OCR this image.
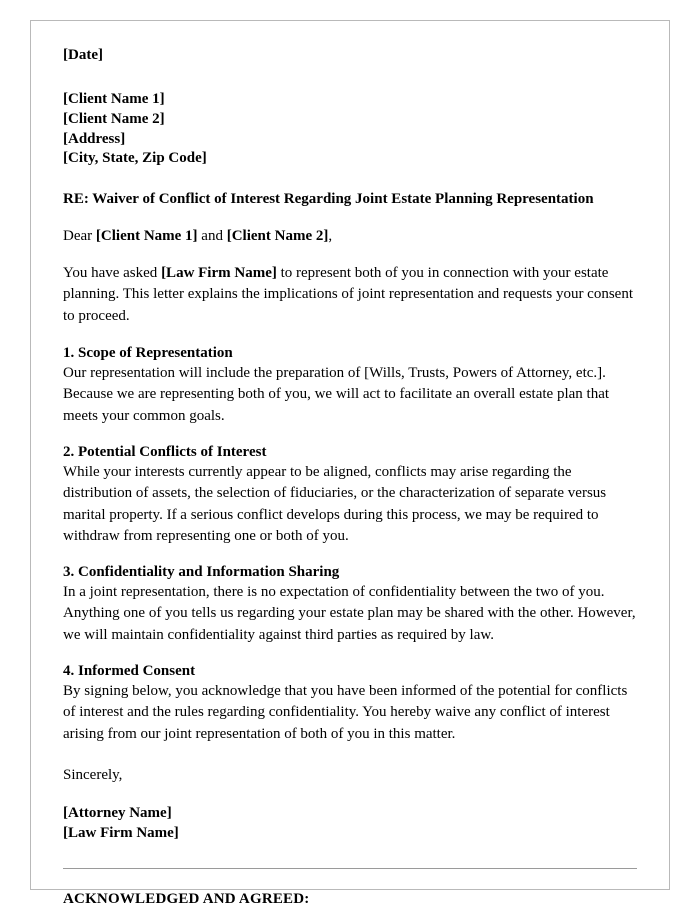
[Date]
[Client Name 1]
[Client Name 2]
[Address]
[City, State, Zip Code]
RE: Waiver of Conflict of Interest Regarding Joint Estate Planning Representation
Dear [Client Name 1] and [Client Name 2],

You have asked [Law Firm Name] to represent both of you in connection with your estate planning. This letter explains the implications of joint representation and requests your consent to proceed.

1. Scope of Representation
Our representation will include the preparation of [Wills, Trusts, Powers of Attorney, etc.]. Because we are representing both of you, we will act to facilitate an overall estate plan that meets your common goals.
2. Potential Conflicts of Interest
While your interests currently appear to be aligned, conflicts may arise regarding the distribution of assets, the selection of fiduciaries, or the characterization of separate versus marital property. If a serious conflict develops during this process, we may be required to withdraw from representing one or both of you.
3. Confidentiality and Information Sharing
In a joint representation, there is no expectation of confidentiality between the two of you. Anything one of you tells us regarding your estate plan may be shared with the other. However, we will maintain confidentiality against third parties as required by law.
4. Informed Consent
By signing below, you acknowledge that you have been informed of the potential for conflicts of interest and the rules regarding confidentiality. You hereby waive any conflict of interest arising from our joint representation of both of you in this matter.
Sincerely,
[Attorney Name]
[Law Firm Name]
ACKNOWLEDGED AND AGREED:
